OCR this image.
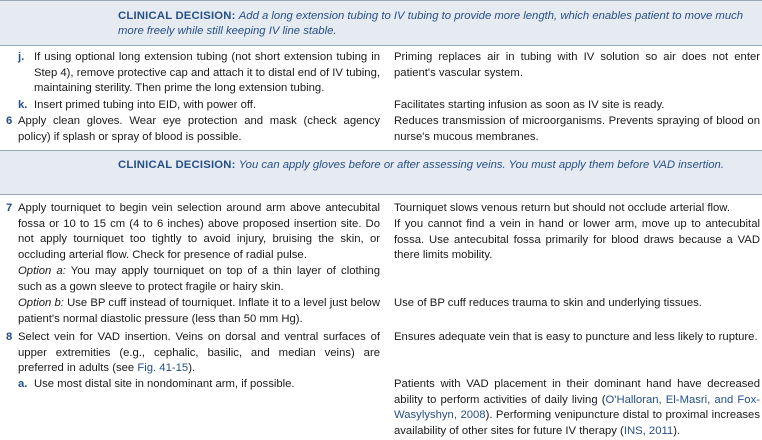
CLINICAL DECISION: Add a long extension tubing to IV tubing to provide more length, which enables patient to move much more freely while still keeping IV line stable.
j. If using optional long extension tubing (not short extension tubing in Step 4), remove protective cap and attach it to distal end of IV tubing, maintaining sterility. Then prime the long extension tubing.
Priming replaces air in tubing with IV solution so air does not enter patient's vascular system.
k. Insert primed tubing into EID, with power off.	Facilitates starting infusion as soon as IV site is ready.
6 Apply clean gloves. Wear eye protection and mask (check agency policy) if splash or spray of blood is possible.
Reduces transmission of microorganisms. Prevents spraying of blood on nurse's mucous membranes.
CLINICAL DECISION: You can apply gloves before or after assessing veins. You must apply them before VAD insertion.
7 Apply tourniquet to begin vein selection around arm above antecubital fossa or 10 to 15 cm (4 to 6 inches) above proposed insertion site. Do not apply tourniquet too tightly to avoid injury, bruising the skin, or occluding arterial flow. Check for presence of radial pulse.
Tourniquet slows venous return but should not occlude arterial flow.
If you cannot find a vein in hand or lower arm, move up to antecubital fossa. Use antecubital fossa primarily for blood draws because a VAD there limits mobility.
Option a: You may apply tourniquet on top of a thin layer of clothing such as a gown sleeve to protect fragile or hairy skin.
Option b: Use BP cuff instead of tourniquet. Inflate it to a level just below patient's normal diastolic pressure (less than 50 mm Hg).
Use of BP cuff reduces trauma to skin and underlying tissues.
8 Select vein for VAD insertion. Veins on dorsal and ventral surfaces of upper extremities (e.g., cephalic, basilic, and median veins) are preferred in adults (see Fig. 41-15).
Ensures adequate vein that is easy to puncture and less likely to rupture.
a. Use most distal site in nondominant arm, if possible.	Patients with VAD placement in their dominant hand have decreased ability to perform activities of daily living (O'Halloran, El-Masri, and Fox-Wasylyshyn, 2008). Performing venipuncture distal to proximal increases availability of other sites for future IV therapy (INS, 2011).
